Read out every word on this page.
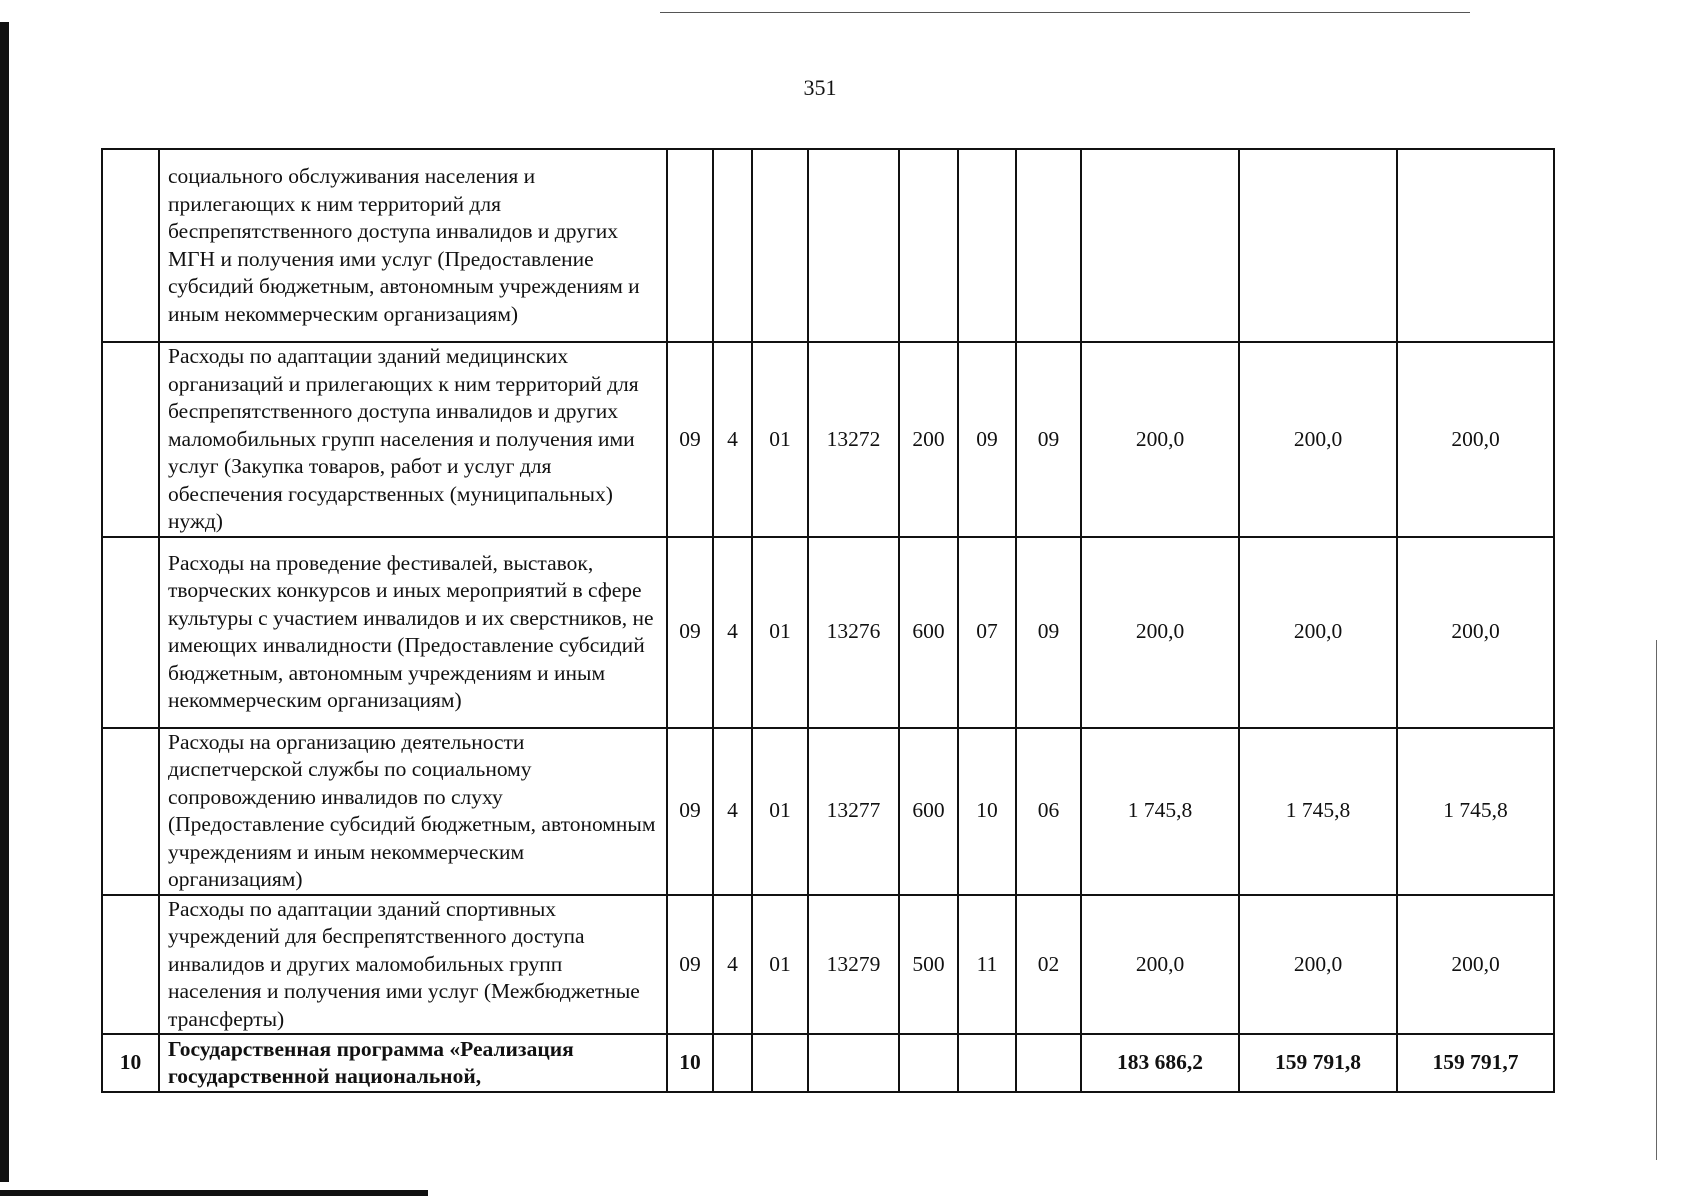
351
	социального обслуживания населения и прилегающих к ним территорий для беспрепятственного доступа инвалидов и других МГН и получения ими услуг (Предоставление субсидий бюджетным, автономным учреждениям и иным некоммерческим организациям)										
	Расходы по адаптации зданий медицинских организаций и прилегающих к ним территорий для беспрепятственного доступа инвалидов и других маломобильных групп населения и получения ими услуг (Закупка товаров, работ и услуг для обеспечения государственных (муниципальных) нужд)	09	4	01	13272	200	09	09	200,0	200,0	200,0
	Расходы на проведение фестивалей, выставок, творческих конкурсов и иных мероприятий в сфере культуры с участием инвалидов и их сверстников, не имеющих инвалидности (Предоставление субсидий бюджетным, автономным учреждениям и иным некоммерческим организациям)	09	4	01	13276	600	07	09	200,0	200,0	200,0
	Расходы на организацию деятельности диспетчерской службы по социальному сопровождению инвалидов по слуху (Предоставление субсидий бюджетным, автономным учреждениям и иным некоммерческим организациям)	09	4	01	13277	600	10	06	1 745,8	1 745,8	1 745,8
	Расходы по адаптации зданий спортивных учреждений для беспрепятственного доступа инвалидов и других маломобильных групп населения и получения ими услуг (Межбюджетные трансферты)	09	4	01	13279	500	11	02	200,0	200,0	200,0
10	Государственная программа «Реализация государственной национальной,	10							183 686,2	159 791,8	159 791,7
